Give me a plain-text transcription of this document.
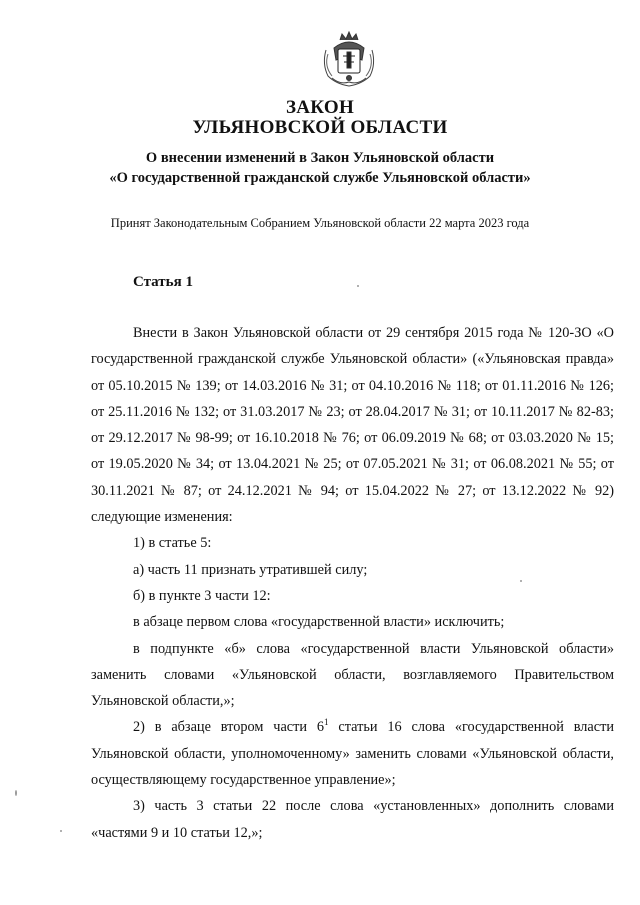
ЗАКОН
УЛЬЯНОВСКОЙ ОБЛАСТИ
О внесении изменений в Закон Ульяновской области
«О государственной гражданской службе Ульяновской области»
Принят Законодательным Собранием Ульяновской области 22 марта 2023 года
Статья 1

Внести в Закон Ульяновской области от 29 сентября 2015 года № 120-ЗО «О государственной гражданской службе Ульяновской области» («Ульяновская правда» от 05.10.2015 № 139; от 14.03.2016 № 31; от 04.10.2016 № 118; от 01.11.2016 № 126; от 25.11.2016 № 132; от 31.03.2017 № 23; от 28.04.2017 № 31; от 10.11.2017 № 82-83; от 29.12.2017 № 98-99; от 16.10.2018 № 76; от 06.09.2019 № 68; от 03.03.2020 № 15; от 19.05.2020 № 34; от 13.04.2021 № 25; от 07.05.2021 № 31; от 06.08.2021 № 55; от 30.11.2021 № 87; от 24.12.2021 № 94; от 15.04.2022 № 27; от 13.12.2022 № 92) следующие изменения:

1) в статье 5:

а) часть 11 признать утратившей силу;

б) в пункте 3 части 12:

в абзаце первом слова «государственной власти» исключить;

в подпункте «б» слова «государственной власти Ульяновской области» заменить словами «Ульяновской области, возглавляемого Правительством Ульяновской области,»;

2) в абзаце втором части $6^1$ статьи 16 слова «государственной власти Ульяновской области, уполномоченному» заменить словами «Ульяновской области, осуществляющему государственное управление»;

3) часть 3 статьи 22 после слова «установленных» дополнить словами «частями 9 и 10 статьи 12,»;
